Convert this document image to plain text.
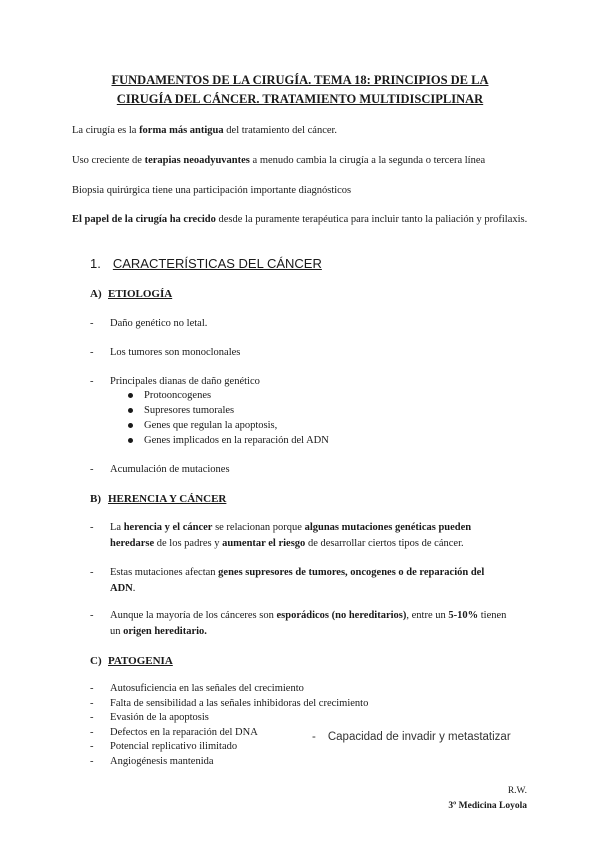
FUNDAMENTOS DE LA CIRUGÍA. TEMA 18: PRINCIPIOS DE LA
CIRUGÍA DEL CÁNCER. TRATAMIENTO MULTIDISCIPLINAR
La cirugía es la forma más antigua del tratamiento del cáncer.
Uso creciente de terapias neoadyuvantes a menudo cambia la cirugía a la segunda o tercera línea
Biopsia quirúrgica tiene una participación importante diagnósticos
El papel de la cirugía ha crecido desde la puramente terapéutica para incluir tanto la paliación y profilaxis.
1. CARACTERÍSTICAS DEL CÁNCER
A) ETIOLOGÍA
- Daño genético no letal.
- Los tumores son monoclonales
- Principales dianas de daño genético
Protooncogenes
Supresores tumorales
Genes que regulan la apoptosis,
Genes implicados en la reparación del ADN
- Acumulación de mutaciones
B) HERENCIA Y CÁNCER
- La herencia y el cáncer se relacionan porque algunas mutaciones genéticas pueden heredarse de los padres y aumentar el riesgo de desarrollar ciertos tipos de cáncer.
- Estas mutaciones afectan genes supresores de tumores, oncogenes o de reparación del ADN.
- Aunque la mayoría de los cánceres son esporádicos (no hereditarios), entre un 5-10% tienen un origen hereditario.
C) PATOGENIA
- Autosuficiencia en las señales del crecimiento
- Falta de sensibilidad a las señales inhibidoras del crecimiento
- Evasión de la apoptosis
- Defectos en la reparación del DNA
- Potencial replicativo ilimitado
- Angiogénesis mantenida
- Capacidad de invadir y metastatizar
R.W.
3º Medicina Loyola
